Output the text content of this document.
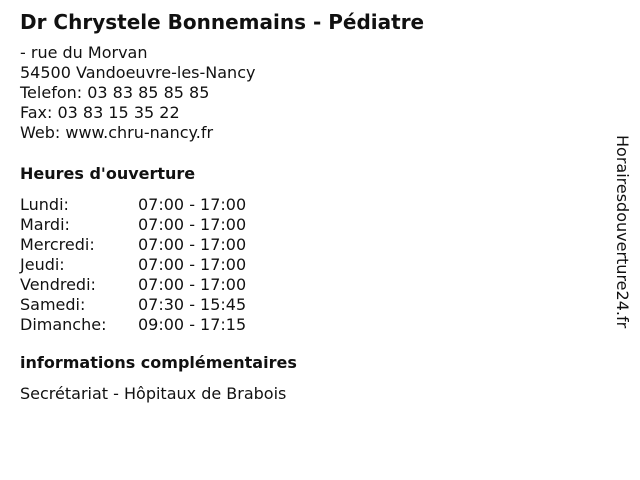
Dr Chrystele Bonnemains - Pédiatre
- rue du Morvan
54500 Vandoeuvre-les-Nancy
Telefon: 03 83 85 85 85
Fax: 03 83 15 35 22
Web: www.chru-nancy.fr
Heures d'ouverture
Lundi:	07:00 - 17:00
Mardi:	07:00 - 17:00
Mercredi:	07:00 - 17:00
Jeudi:	07:00 - 17:00
Vendredi:	07:00 - 17:00
Samedi:	07:30 - 15:45
Dimanche:	09:00 - 17:15
informations complémentaires
Secrétariat - Hôpitaux de Brabois
Horairesdouverture24.fr
